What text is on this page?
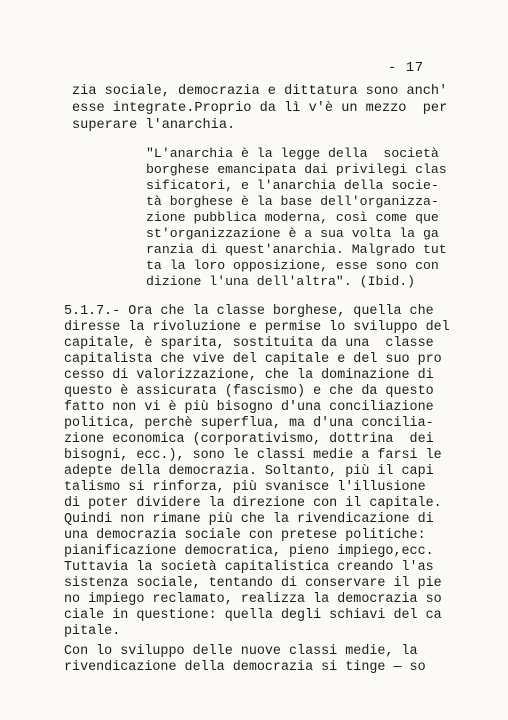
- 17
zia sociale, democrazia e dittatura sono anch'
esse integrate.Proprio da lì v'è un mezzo  per
superare l'anarchia.
"L'anarchia è la legge della  società
borghese emancipata dai privilegi clas
sificatori, e l'anarchia della socie-
tà borghese è la base dell'organizza-
zione pubblica moderna, così come que
st'organizzazione è a sua volta la ga
ranzia di quest'anarchia. Malgrado tut
ta la loro opposizione, esse sono con
dizione l'una dell'altra". (Ibid.)
5.1.7.- Ora che la classe borghese, quella che
diresse la rivoluzione e permise lo sviluppo del
capitale, è sparita, sostituita da una  classe
capitalista che vive del capitale e del suo pro
cesso di valorizzazione, che la dominazione di
questo è assicurata (fascismo) e che da questo
fatto non vi è più bisogno d'una conciliazione
politica, perchè superflua, ma d'una concilia-
zione economica (corporativismo, dottrina  dei
bisogni, ecc.), sono le classi medie a farsi le
adepte della democrazia. Soltanto, più il capi
talismo si rinforza, più svanisce l'illusione
di poter dividere la direzione con il capitale.
Quindi non rimane più che la rivendicazione di
una democrazia sociale con pretese politiche:
pianificazione democratica, pieno impiego,ecc.
Tuttavia la società capitalistica creando l'as
sistenza sociale, tentando di conservare il pie
no impiego reclamato, realizza la democrazia so
ciale in questione: quella degli schiavi del ca
pitale.
Con lo sviluppo delle nuove classi medie, la
rivendicazione della democrazia si tinge — so
